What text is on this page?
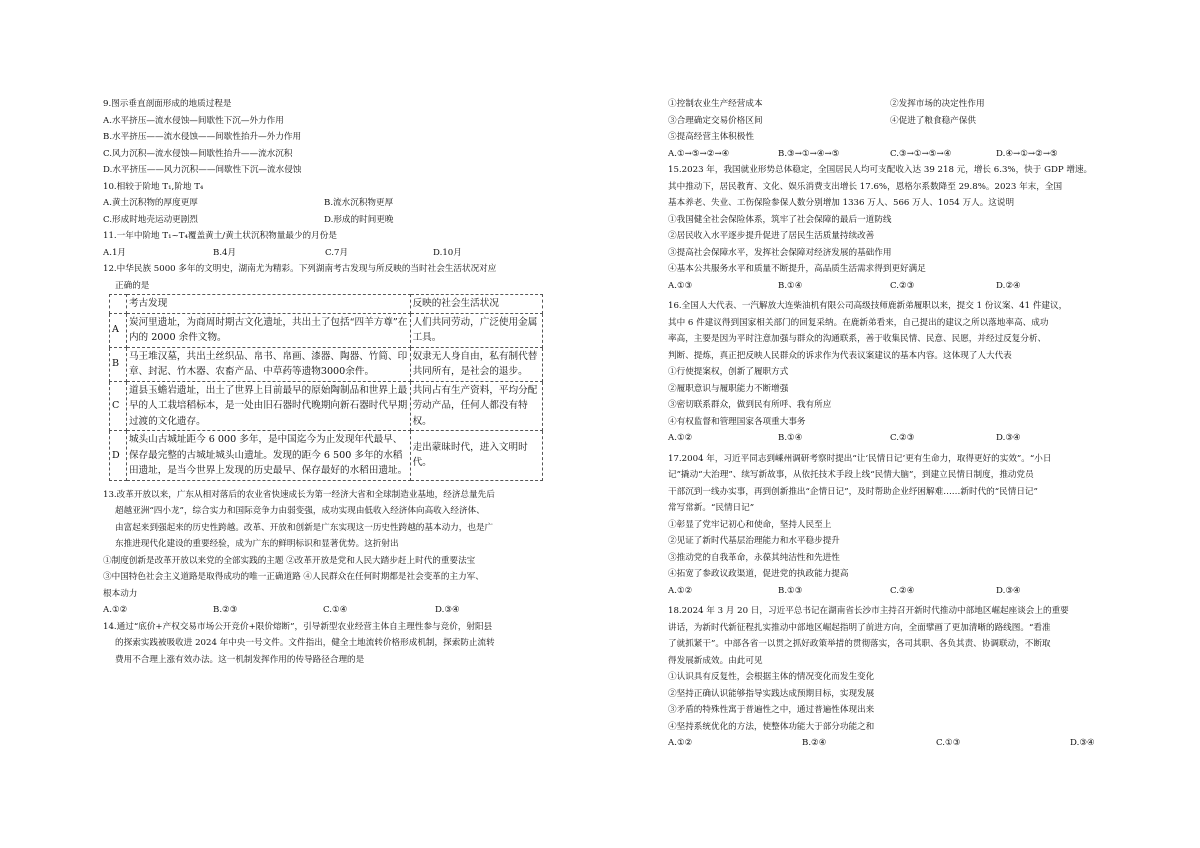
9.图示垂直剖面形成的地质过程是
A.水平挤压—流水侵蚀—间歇性下沉—外力作用
B.水平挤压——流水侵蚀——间歇性抬升—外力作用
C.风力沉积—流水侵蚀—间歇性抬升——流水沉积
D.水平挤压——风力沉积——间歇性下沉—流水侵蚀
10.相较于阶地 T₁,阶地 T₄
A.黄土沉积物的厚度更厚	B.流水沉积物更厚
C.形成时地壳运动更剧烈	D.形成的时间更晚
11.一年中阶地 T₁~T₄覆盖黄土/黄土状沉积物量最少的月份是
A.1月	B.4月	C.7月	D.10月
12.中华民族 5000 多年的文明史，湖南尤为精彩。下列湖南考古发现与所反映的当时社会生活状况对应
正确的是
	考古发现	反映的社会生活状况
A	炭河里遗址，为商周时期古文化遗址，共出土了包括“四羊方尊”在内的 2000 余件文物。	人们共同劳动，广泛使用金属工具。
B	马王堆汉墓，共出土丝织品、帛书、帛画、漆器、陶器、竹简、印章、封泥、竹木器、农畜产品、中草药等遗物3000余件。	奴隶无人身自由，私有制代替共同所有，是社会的退步。
C	道县玉蟾岩遗址，出土了世界上目前最早的原始陶制品和世界上最早的人工栽培稻标本，是一处由旧石器时代晚期向新石器时代早期过渡的文化遗存。	共同占有生产资料，平均分配劳动产品，任何人都没有特权。
D	城头山古城址距今 6 000 多年，是中国迄今为止发现年代最早、保存最完整的古城址城头山遗址。发现的距今 6 500 多年的水稻田遗址，是当今世界上发现的历史最早、保存最好的水稻田遗址。	走出蒙昧时代，进入文明时代。
13.改革开放以来，广东从相对落后的农业省快速成长为第一经济大省和全球制造业基地，经济总量先后
超越亚洲“四小龙”，综合实力和国际竞争力由弱变强，成功实现由低收入经济体向高收入经济体、
由富起来到强起来的历史性跨越。改革、开放和创新是广东实现这一历史性跨越的基本动力，也是广
东推进现代化建设的重要经验，成为广东的鲜明标识和显著优势。这折射出
①制度创新是改革开放以来党的全部实践的主题 ②改革开放是党和人民大踏步赶上时代的重要法宝
③中国特色社会主义道路是取得成功的唯一正确道路 ④人民群众在任何时期都是社会变革的主力军、
根本动力
A.①②	B.②③	C.①④	D.③④
14.通过“底价+产权交易市场公开竞价+限价熔断”，引导新型农业经营主体自主理性参与竞价，射阳县
的探索实践被吸收进 2024 年中央一号文件。文件指出，健全土地流转价格形成机制，探索防止流转
费用不合理上涨有效办法。这一机制发挥作用的传导路径合理的是
①控制农业生产经营成本	②发挥市场的决定性作用
③合理确定交易价格区间	④促进了粮食稳产保供
⑤提高经营主体积极性
A.①→⑤→②→④	B.③→①→④→⑤	C.③→①→⑤→④	D.④→①→②→⑤
15.2023 年，我国就业形势总体稳定，全国居民人均可支配收入达 39 218 元，增长 6.3%，快于 GDP 增速。
其中推动下，居民教育、文化、娱乐消费支出增长 17.6%，恩格尔系数降至 29.8%。2023 年末，全国
基本养老、失业、工伤保险参保人数分别增加 1336 万人、566 万人、1054 万人。这说明
①我国健全社会保险体系，筑牢了社会保障的最后一道防线
②居民收入水平逐步提升促进了居民生活质量持续改善
③提高社会保障水平，发挥社会保障对经济发展的基础作用
④基本公共服务水平和质量不断提升，高品质生活需求得到更好满足
A.①③	B.①④	C.②③	D.②④
16.全国人大代表、一汽解放大连柴油机有限公司高级技师鹿新弟履职以来，提交 1 份议案、41 件建议，
其中 6 件建议得到国家相关部门的回复采纳。在鹿新弟看来，自己提出的建议之所以落地率高、成功
率高，主要是因为平时注意加强与群众的沟通联系，善于收集民情、民意、民愿，并经过反复分析、
判断、提炼，真正把反映人民群众的诉求作为代表议案建议的基本内容。这体现了人大代表
①行使提案权，创新了履职方式
②履职意识与履职能力不断增强
③密切联系群众，做到民有所呼、我有所应
④有权监督和管理国家各项重大事务
A.①②	B.①④	C.②③	D.③④
17.2004 年，习近平同志到嵊州调研考察时提出“让‘民情日记’更有生命力，取得更好的实效”。“小日
记”撬动“大治理”、续写新故事，从依托技术手段上线“民情大脑”，到建立民情日制度，推动党员
干部沉到一线办实事，再到创新推出“企情日记”，及时帮助企业纾困解难……新时代的“民情日记”
常写常新。“民情日记”
①彰显了党牢记初心和使命，坚持人民至上
②见证了新时代基层治理能力和水平稳步提升
③推动党的自我革命，永葆其纯洁性和先进性
④拓宽了参政议政渠道，促进党的执政能力提高
A.①②	B.①③	C.②④	D.③④
18.2024 年 3 月 20 日，习近平总书记在湖南省长沙市主持召开新时代推动中部地区崛起座谈会上的重要
讲话，为新时代新征程扎实推动中部地区崛起指明了前进方向，全面擘画了更加清晰的路线图。“看准
了就抓紧干”。中部各省一以贯之抓好政策举措的贯彻落实，各司其职、各负其责、协调联动，不断取
得发展新成效。由此可见
①认识具有反复性，会根据主体的情况变化而发生变化
②坚持正确认识能够指导实践达成预期目标，实现发展
③矛盾的特殊性寓于普遍性之中，通过普遍性体现出来
④坚持系统优化的方法，使整体功能大于部分功能之和
A.①②	B.②④	C.①③	D.③④
